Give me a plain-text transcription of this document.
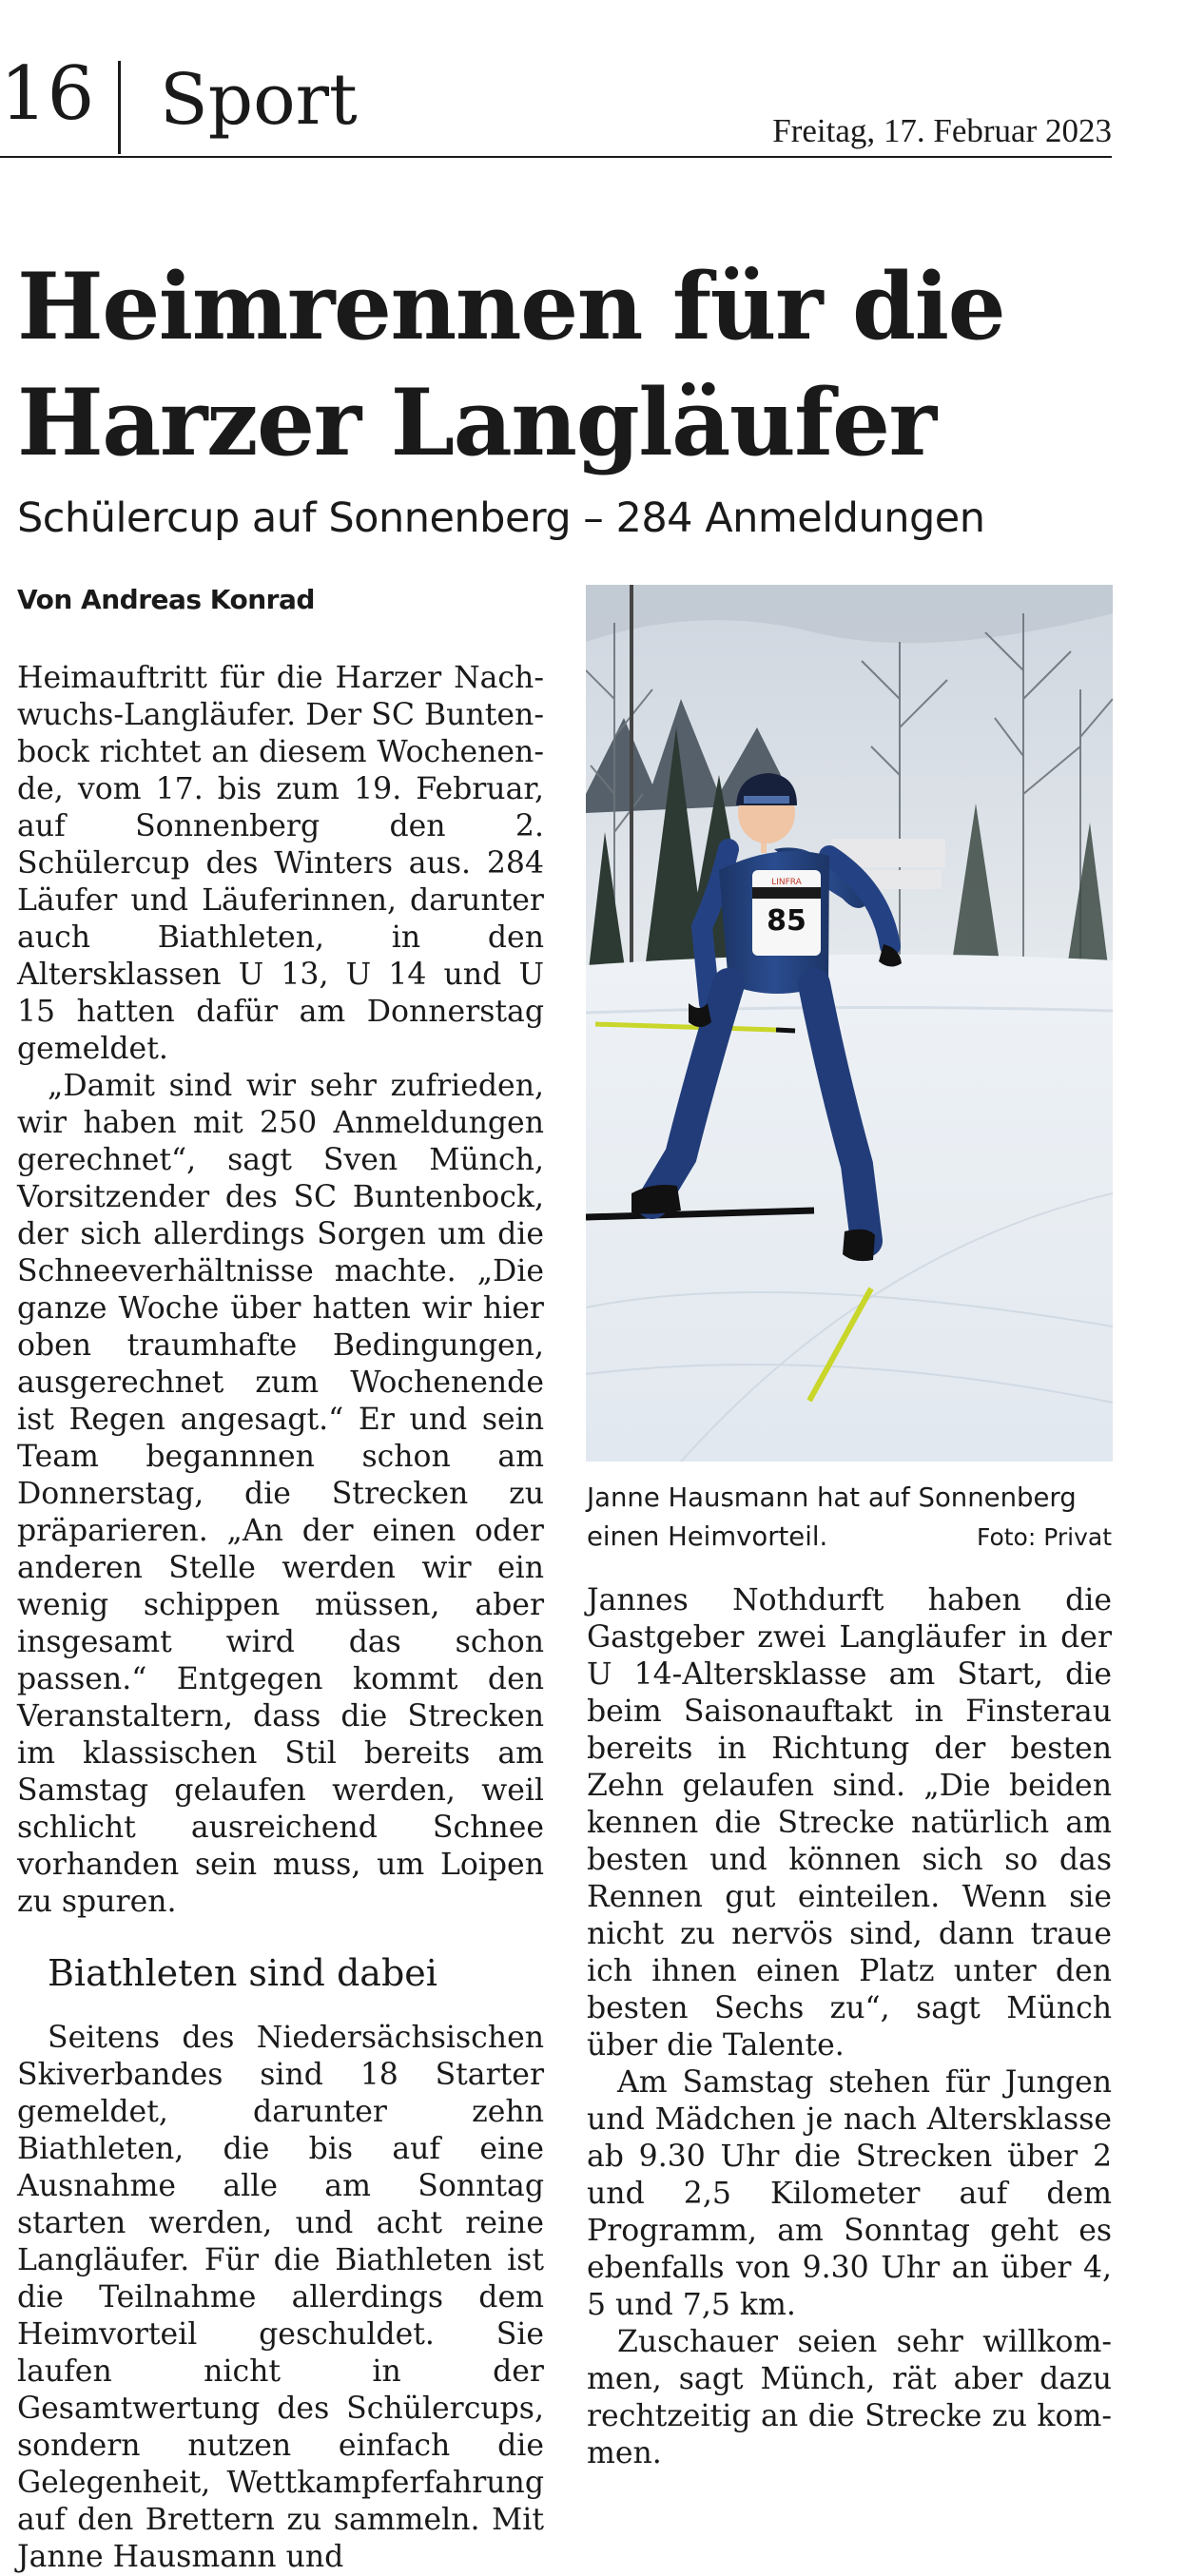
16 Sport	Freitag, 17. Februar 2023
Heimrennen für die
Harzer Langläufer
Schülercup auf Sonnenberg – 284 Anmeldungen
Von Andreas Konrad

Heimauftritt für die Harzer Nachwuchs-Langläufer. Der SC Buntenbock richtet an diesem Wochenende, vom 17. bis zum 19. Februar, auf Sonnenberg den 2. Schülercup des Winters aus. 284 Läufer und Läuferinnen, darunter auch Biathleten, in den Altersklassen U 13, U 14 und U 15 hatten dafür am Donnerstag gemeldet.

„Damit sind wir sehr zufrieden, wir haben mit 250 Anmeldungen gerechnet“, sagt Sven Münch, Vorsitzender des SC Buntenbock, der sich allerdings Sorgen um die Schneeverhältnisse machte. „Die ganze Woche über hatten wir hier oben traumhafte Bedingungen, ausgerechnet zum Wochenende ist Regen angesagt.“ Er und sein Team begannnen schon am Donnerstag, die Strecken zu präparieren. „An der einen oder anderen Stelle werden wir ein wenig schippen müssen, aber insgesamt wird das schon passen.“ Entgegen kommt den Veranstaltern, dass die Strecken im klassischen Stil bereits am Samstag gelaufen werden, weil schlicht ausreichend Schnee vorhanden sein muss, um Loipen zu spuren.

Biathleten sind dabei

Seitens des Niedersächsischen Skiverbandes sind 18 Starter gemeldet, darunter zehn Biathleten, die bis auf eine Ausnahme alle am Sonntag starten werden, und acht reine Langläufer. Für die Biathleten ist die Teilnahme allerdings dem Heimvorteil geschuldet. Sie laufen nicht in der Gesamtwertung des Schülercups, sondern nutzen einfach die Gelegenheit, Wettkampferfahrung auf den Brettern zu sammeln. Mit Janne Hausmann und

85
LINFRA
Janne Hausmann hat auf Sonnenberg einen Heimvorteil.	Foto: Privat

Jannes Nothdurft haben die Gastgeber zwei Langläufer in der U 14-Altersklasse am Start, die beim Saisonauftakt in Finsterau bereits in Richtung der besten Zehn gelaufen sind. „Die beiden kennen die Strecke natürlich am besten und können sich so das Rennen gut einteilen. Wenn sie nicht zu nervös sind, dann traue ich ihnen einen Platz unter den besten Sechs zu“, sagt Münch über die Talente.

Am Samstag stehen für Jungen und Mädchen je nach Altersklasse ab 9.30 Uhr die Strecken über 2 und 2,5 Kilometer auf dem Programm, am Sonntag geht es ebenfalls von 9.30 Uhr an über 4, 5 und 7,5 km.

Zuschauer seien sehr willkommen, sagt Münch, rät aber dazu rechtzeitig an die Strecke zu kommen.
